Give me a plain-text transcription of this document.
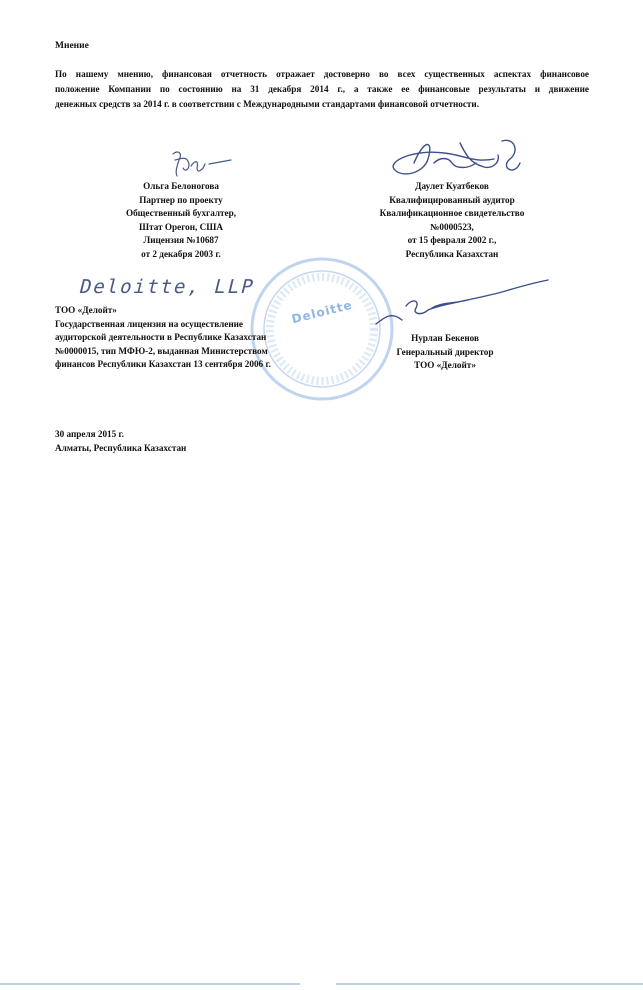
Мнение
По нашему мнению, финансовая отчетность отражает достоверно во всех существенных аспектах финансовое
положение Компании по состоянию на 31 декабря 2014 г., а также ее финансовые результаты и движение
денежных средств за 2014 г. в соответствии с Международными стандартами финансовой отчетности.
Ольга Белоногова
Партнер по проекту
Общественный бухгалтер,
Штат Орегон, США
Лицензия №10687
от 2 декабря 2003 г.
Даулет Куатбеков
Квалифицированный аудитор
Квалификационное свидетельство
№0000523,
от 15 февраля 2002 г.,
Республика Казахстан
Deloitte
Deloitte, LLP
ТОО «Делойт»
Государственная лицензия на осуществление
аудиторской деятельности в Республике Казахстан
№0000015, тип МФЮ-2, выданная Министерством
финансов Республики Казахстан 13 сентября 2006 г.
Нурлан Бекенов
Генеральный директор
ТОО «Делойт»
30 апреля 2015 г.
Алматы, Республика Казахстан
